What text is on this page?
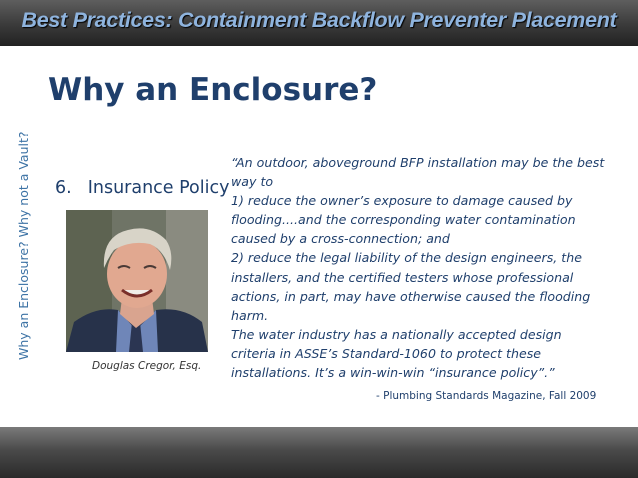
Best Practices: Containment Backflow Preventer Placement
Why an Enclosure? Why not a Vault?
Why an Enclosure?
6. Insurance Policy
Douglas Cregor, Esq.

“An outdoor, aboveground BFP installation may be the best way to

1) reduce the owner’s exposure to damage caused by flooding....and the corresponding water contamination caused by a cross-connection; and

2) reduce the legal liability of the design engineers, the installers, and the certified testers whose professional actions, in part, may have otherwise caused the flooding harm.

The water industry has a nationally accepted design criteria in ASSE’s Standard-1060 to protect these installations. It’s a win-win-win “insurance policy”.”

- Plumbing Standards Magazine, Fall 2009
